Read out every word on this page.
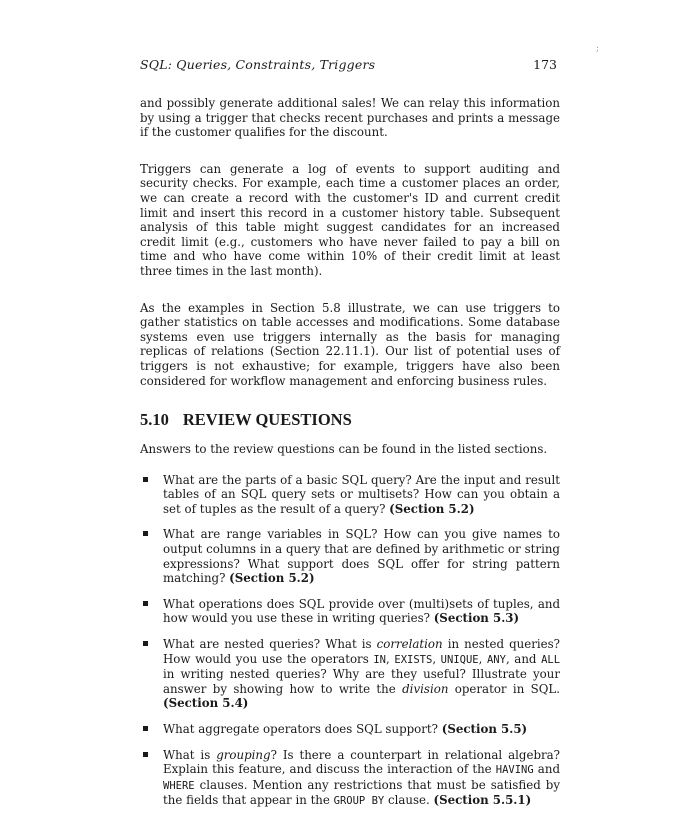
SQL: Queries, Constraints, Triggers	173
;

and possibly generate additional sales! We can relay this information by using a trigger that checks recent purchases and prints a message if the customer qualifies for the discount.

Triggers can generate a log of events to support auditing and security checks. For example, each time a customer places an order, we can create a record with the customer's ID and current credit limit and insert this record in a customer history table. Subsequent analysis of this table might suggest candidates for an increased credit limit (e.g., customers who have never failed to pay a bill on time and who have come within 10% of their credit limit at least three times in the last month).

As the examples in Section 5.8 illustrate, we can use triggers to gather statistics on table accesses and modifications. Some database systems even use triggers internally as the basis for managing replicas of relations (Section 22.11.1). Our list of potential uses of triggers is not exhaustive; for example, triggers have also been considered for workflow management and enforcing business rules.

5.10 REVIEW QUESTIONS

Answers to the review questions can be found in the listed sections.

What are the parts of a basic SQL query? Are the input and result tables of an SQL query sets or multisets? How can you obtain a set of tuples as the result of a query? (Section 5.2)
What are range variables in SQL? How can you give names to output columns in a query that are defined by arithmetic or string expressions? What support does SQL offer for string pattern matching? (Section 5.2)
What operations does SQL provide over (multi)sets of tuples, and how would you use these in writing queries? (Section 5.3)
What are nested queries? What is correlation in nested queries? How would you use the operators IN, EXISTS, UNIQUE, ANY, and ALL in writing nested queries? Why are they useful? Illustrate your answer by showing how to write the division operator in SQL. (Section 5.4)
What aggregate operators does SQL support? (Section 5.5)
What is grouping? Is there a counterpart in relational algebra? Explain this feature, and discuss the interaction of the HAVING and WHERE clauses. Mention any restrictions that must be satisfied by the fields that appear in the GROUP BY clause. (Section 5.5.1)
